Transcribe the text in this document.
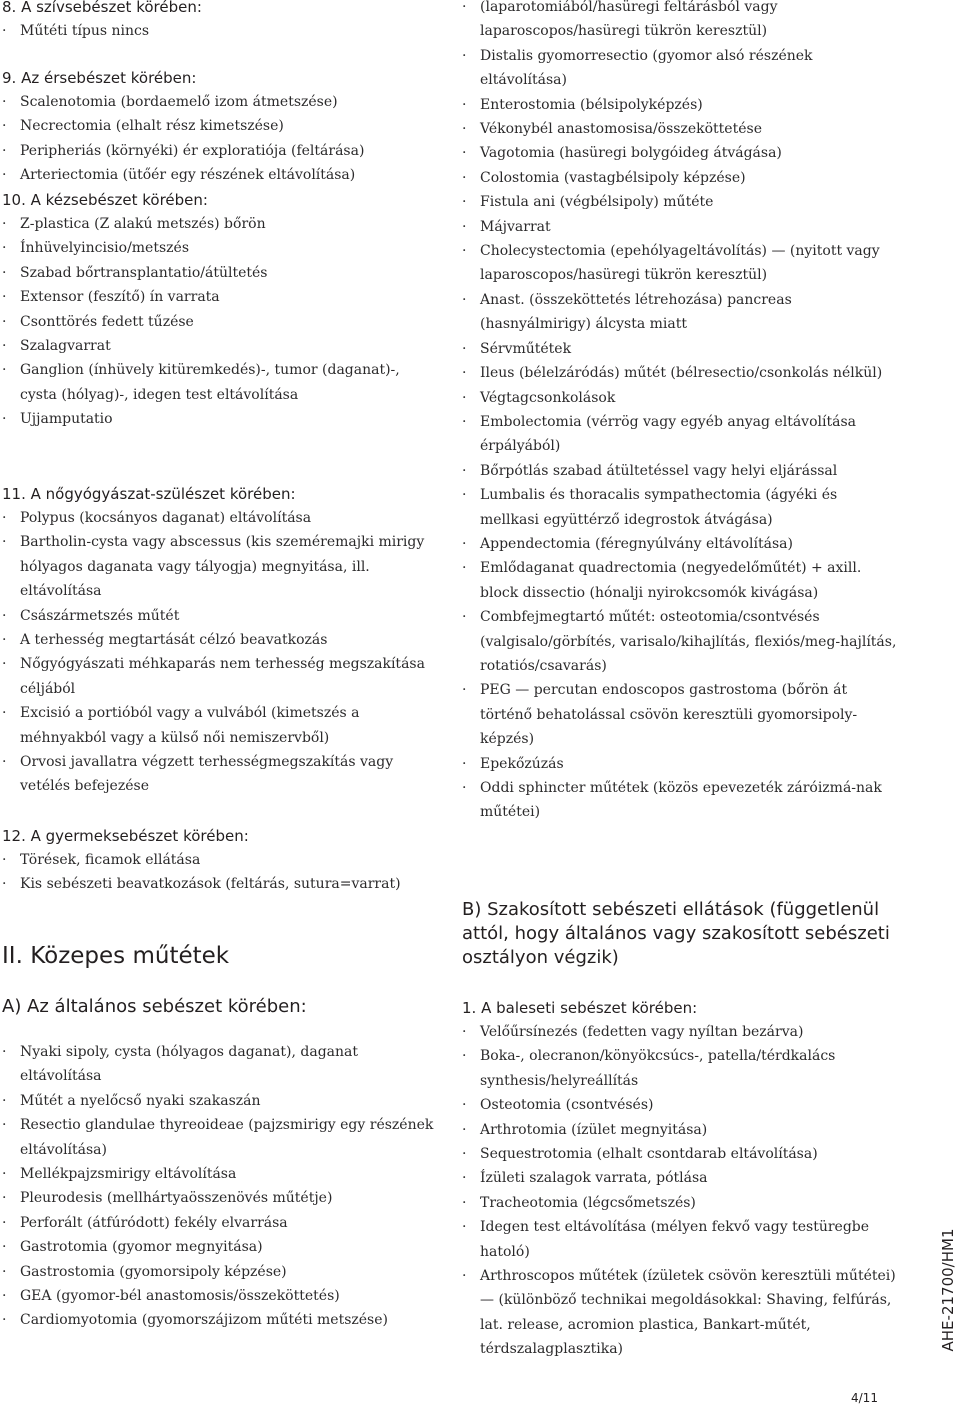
8. A szívsebészet körében:
· Műtéti típus nincs
9. Az érsebészet körében:
· Scalenotomia (bordaemelő izom átmetszése)
· Necrectomia (elhalt rész kimetszése)
· Peripheriás (környéki) ér exploratiója (feltárása)
· Arteriectomia (ütőér egy részének eltávolítása)
10. A kézsebészet körében:
· Z-plastica (Z alakú metszés) bőrön
· Ínhüvelyincisio/metszés
· Szabad bőrtransplantatio/átültetés
· Extensor (feszítő) ín varrata
· Csonttörés fedett tűzése
· Szalagvarrat
· Ganglion (ínhüvely kitüremkedés)-, tumor (daganat)-, cysta (hólyag)-, idegen test eltávolítása
· Ujjamputatio
11. A nőgyógyászat-szülészet körében:
· Polypus (kocsányos daganat) eltávolítása
· Bartholin-cysta vagy abscessus (kis szeméremajki mirigy hólyagos daganata vagy tályogja) megnyitása, ill. eltávolítása
· Császármetszés műtét
· A terhesség megtartását célzó beavatkozás
· Nőgyógyászati méhkaparás nem terhesség megszakítása céljából
· Excisió a portióból vagy a vulvából (kimetszés a méhnyakból vagy a külső női nemiszervből)
· Orvosi javallatra végzett terhességmegszakítás vagy vetélés befejezése
12. A gyermeksebészet körében:
· Törések, ficamok ellátása
· Kis sebészeti beavatkozások (feltárás, sutura=varrat)
II. Közepes műtétek
A) Az általános sebészet körében:
· Nyaki sipoly, cysta (hólyagos daganat), daganat eltávolítása
· Műtét a nyelőcső nyaki szakaszán
· Resectio glandulae thyreoideae (pajzsmirigy egy részének eltávolítása)
· Mellékpajzsmirigy eltávolítása
· Pleurodesis (mellhártyaösszenövés műtétje)
· Perforált (átfúródott) fekély elvarrása
· Gastrotomia (gyomor megnyitása)
· Gastrostomia (gyomorsipoly képzése)
· GEA (gyomor-bél anastomosis/összeköttetés)
· Cardiomyotomia (gyomorszájizom műtéti metszése)
· (laparotomiából/hasüregi feltárásból vagy laparoscopos/hasüregi tükrön keresztül)
· Distalis gyomorresectio (gyomor alsó részének eltávolítása)
· Enterostomia (bélsipolyképzés)
· Vékonybél anastomosisa/összeköttetése
· Vagotomia (hasüregi bolygóideg átvágása)
· Colostomia (vastagbélsipoly képzése)
· Fistula ani (végbélsipoly) műtéte
· Májvarrat
· Cholecystectomia (epehólyageltávolítás) — (nyitott vagy laparoscopos/hasüregi tükrön keresztül)
· Anast. (összeköttetés létrehozása) pancreas (hasnyálmirigy) álcysta miatt
· Sérvműtétek
· Ileus (bélelzáródás) műtét (bélresectio/csonkolás nélkül)
· Végtagcsonkolások
· Embolectomia (vérrög vagy egyéb anyag eltávolítása érpályából)
· Bőrpótlás szabad átültetéssel vagy helyi eljárással
· Lumbalis és thoracalis sympathectomia (ágyéki és mellkasi együttérző idegrostok átvágása)
· Appendectomia (féregnyúlvány eltávolítása)
· Emlődaganat quadrectomia (negyedelőműtét) + axill. block dissectio (hónalji nyirokcsomók kivágása)
· Combfejmegtartó műtét: osteotomia/csontvésés (valgisalo/görbítés, varisalo/kihajlítás, flexiós/meg-hajlítás, rotatiós/csavarás)
· PEG — percutan endoscopos gastrostoma (bőrön át történő behatolással csövön keresztüli gyomorsipoly-képzés)
· Epekőzúzás
· Oddi sphincter műtétek (közös epevezeték záróizmá-nak műtétei)
B) Szakosított sebészeti ellátások (függetlenül attól, hogy általános vagy szakosított sebészeti osztályon végzik)
1. A baleseti sebészet körében:
· Velőűrsínezés (fedetten vagy nyíltan bezárva)
· Boka-, olecranon/könyökcsúcs-, patella/térdkalács synthesis/helyreállítás
· Osteotomia (csontvésés)
· Arthrotomia (ízület megnyitása)
· Sequestrotomia (elhalt csontdarab eltávolítása)
· Ízületi szalagok varrata, pótlása
· Tracheotomia (légcsőmetszés)
· Idegen test eltávolítása (mélyen fekvő vagy testüregbe hatoló)
· Arthroscopos műtétek (ízületek csövön keresztüli műtétei) — (különböző technikai megoldásokkal: Shaving, felfúrás, lat. release, acromion plastica, Bankart-műtét, térdszalagplasztika)	AHE-21700/HM1
4/11
